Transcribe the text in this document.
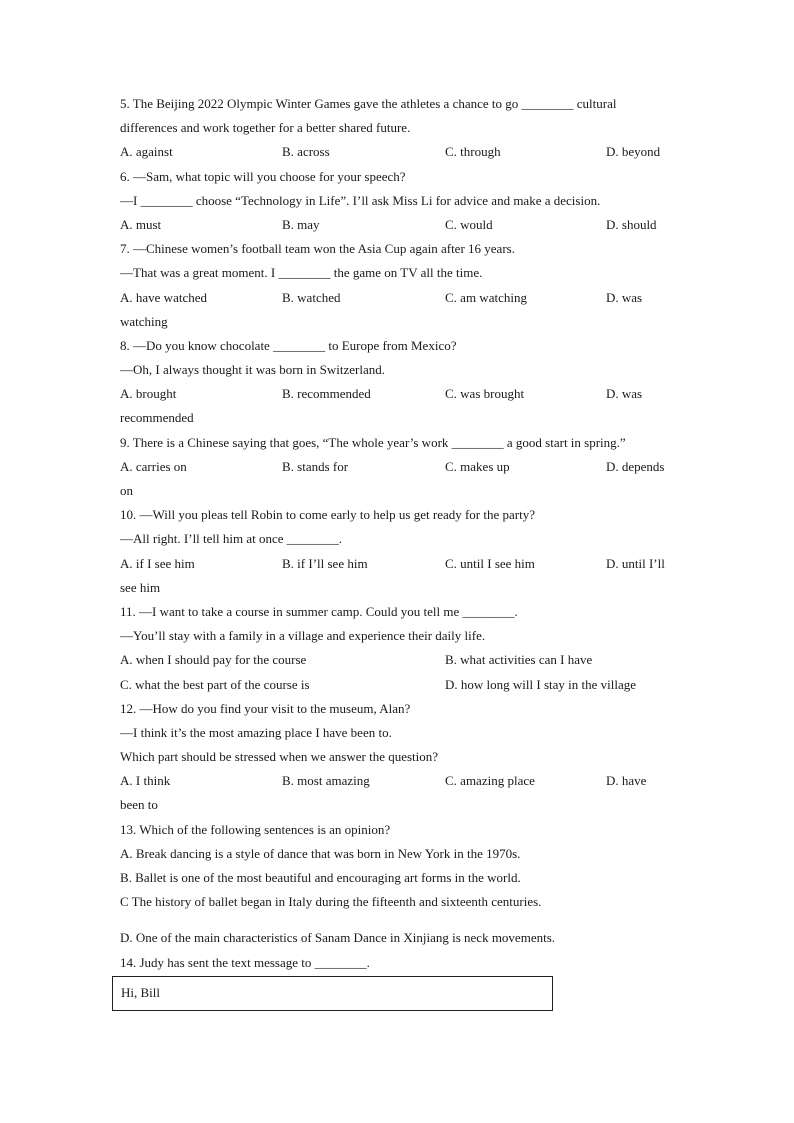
5. The Beijing 2022 Olympic Winter Games gave the athletes a chance to go ________ cultural
differences and work together for a better shared future.
A. against	B. across	C. through	D. beyond
6. —Sam, what topic will you choose for your speech?
—I ________ choose “Technology in Life”. I’ll ask Miss Li for advice and make a decision.
A. must	B. may	C. would	D. should
7. —Chinese women’s football team won the Asia Cup again after 16 years.
—That was a great moment. I ________ the game on TV all the time.
A. have watched	B. watched	C. am watching	D. was
watching
8. —Do you know chocolate ________ to Europe from Mexico?
—Oh, I always thought it was born in Switzerland.
A. brought	B. recommended	C. was brought	D. was
recommended
9. There is a Chinese saying that goes, “The whole year’s work ________ a good start in spring.”
A. carries on	B. stands for	C. makes up	D. depends
on
10. —Will you pleas tell Robin to come early to help us get ready for the party?
—All right. I’ll tell him at once ________.
A. if I see him	B. if I’ll see him	C. until I see him	D. until I’ll
see him
11. —I want to take a course in summer camp. Could you tell me ________.
—You’ll stay with a family in a village and experience their daily life.
A. when I should pay for the course	B. what activities can I have
C. what the best part of the course is	D. how long will I stay in the village
12. —How do you find your visit to the museum, Alan?
—I think it’s the most amazing place I have been to.
Which part should be stressed when we answer the question?
A. I think	B. most amazing	C. amazing place	D. have
been to
13. Which of the following sentences is an opinion?
A. Break dancing is a style of dance that was born in New York in the 1970s.
B. Ballet is one of the most beautiful and encouraging art forms in the world.
C The history of ballet began in Italy during the fifteenth and sixteenth centuries.
D. One of the main characteristics of Sanam Dance in Xinjiang is neck movements.
14. Judy has sent the text message to ________.
Hi, Bill
